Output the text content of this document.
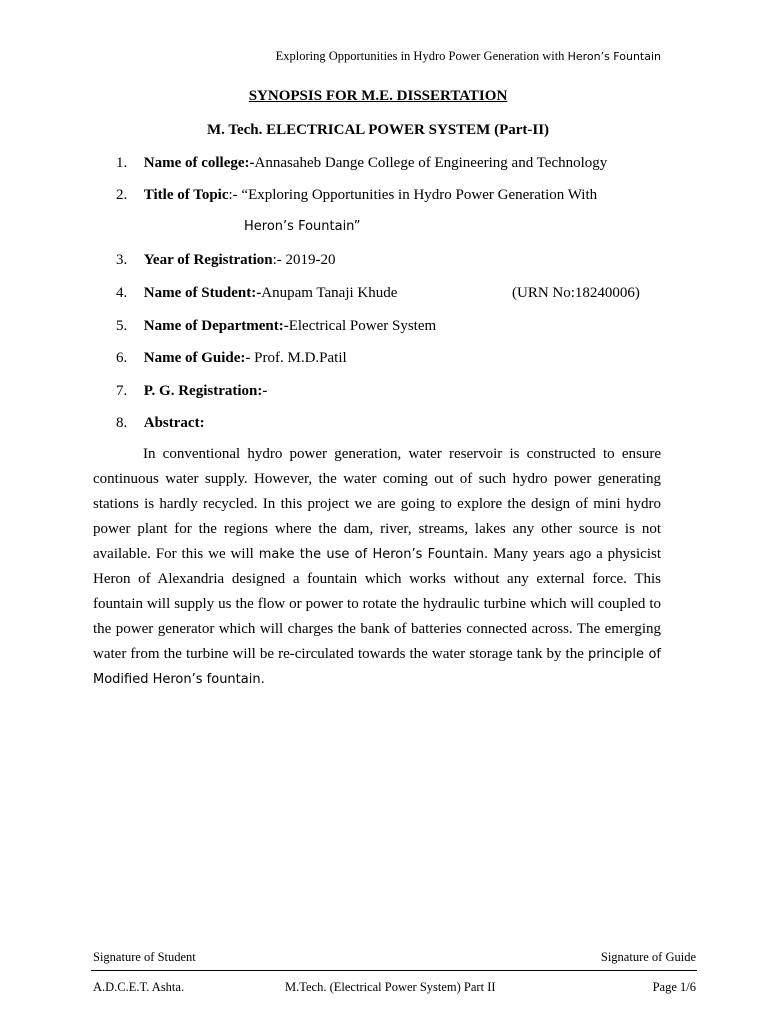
Exploring Opportunities in Hydro Power Generation with Heron’s Fountain
SYNOPSIS FOR M.E. DISSERTATION
M. Tech. ELECTRICAL POWER SYSTEM (Part-II)
1. Name of college:-Annasaheb Dange College of Engineering and Technology
2. Title of Topic:- “Exploring Opportunities in Hydro Power Generation With
Heron’s Fountain”
3. Year of Registration:- 2019-20
4. Name of Student:-Anupam Tanaji Khude	(URN No:18240006)
5. Name of Department:-Electrical Power System
6. Name of Guide:- Prof. M.D.Patil
7. P. G. Registration:-
8. Abstract:

In conventional hydro power generation, water reservoir is constructed to ensure continuous water supply. However, the water coming out of such hydro power generating stations is hardly recycled. In this project we are going to explore the design of mini hydro power plant for the regions where the dam, river, streams, lakes any other source is not available. For this we will make the use of Heron’s Fountain. Many years ago a physicist Heron of Alexandria designed a fountain which works without any external force. This fountain will supply us the flow or power to rotate the hydraulic turbine which will coupled to the power generator which will charges the bank of batteries connected across. The emerging water from the turbine will be re-circulated towards the water storage tank by the principle of Modified Heron’s fountain.

Signature of Student	Signature of Guide
A.D.C.E.T. Ashta.	M.Tech. (Electrical Power System) Part II	Page 1/6
